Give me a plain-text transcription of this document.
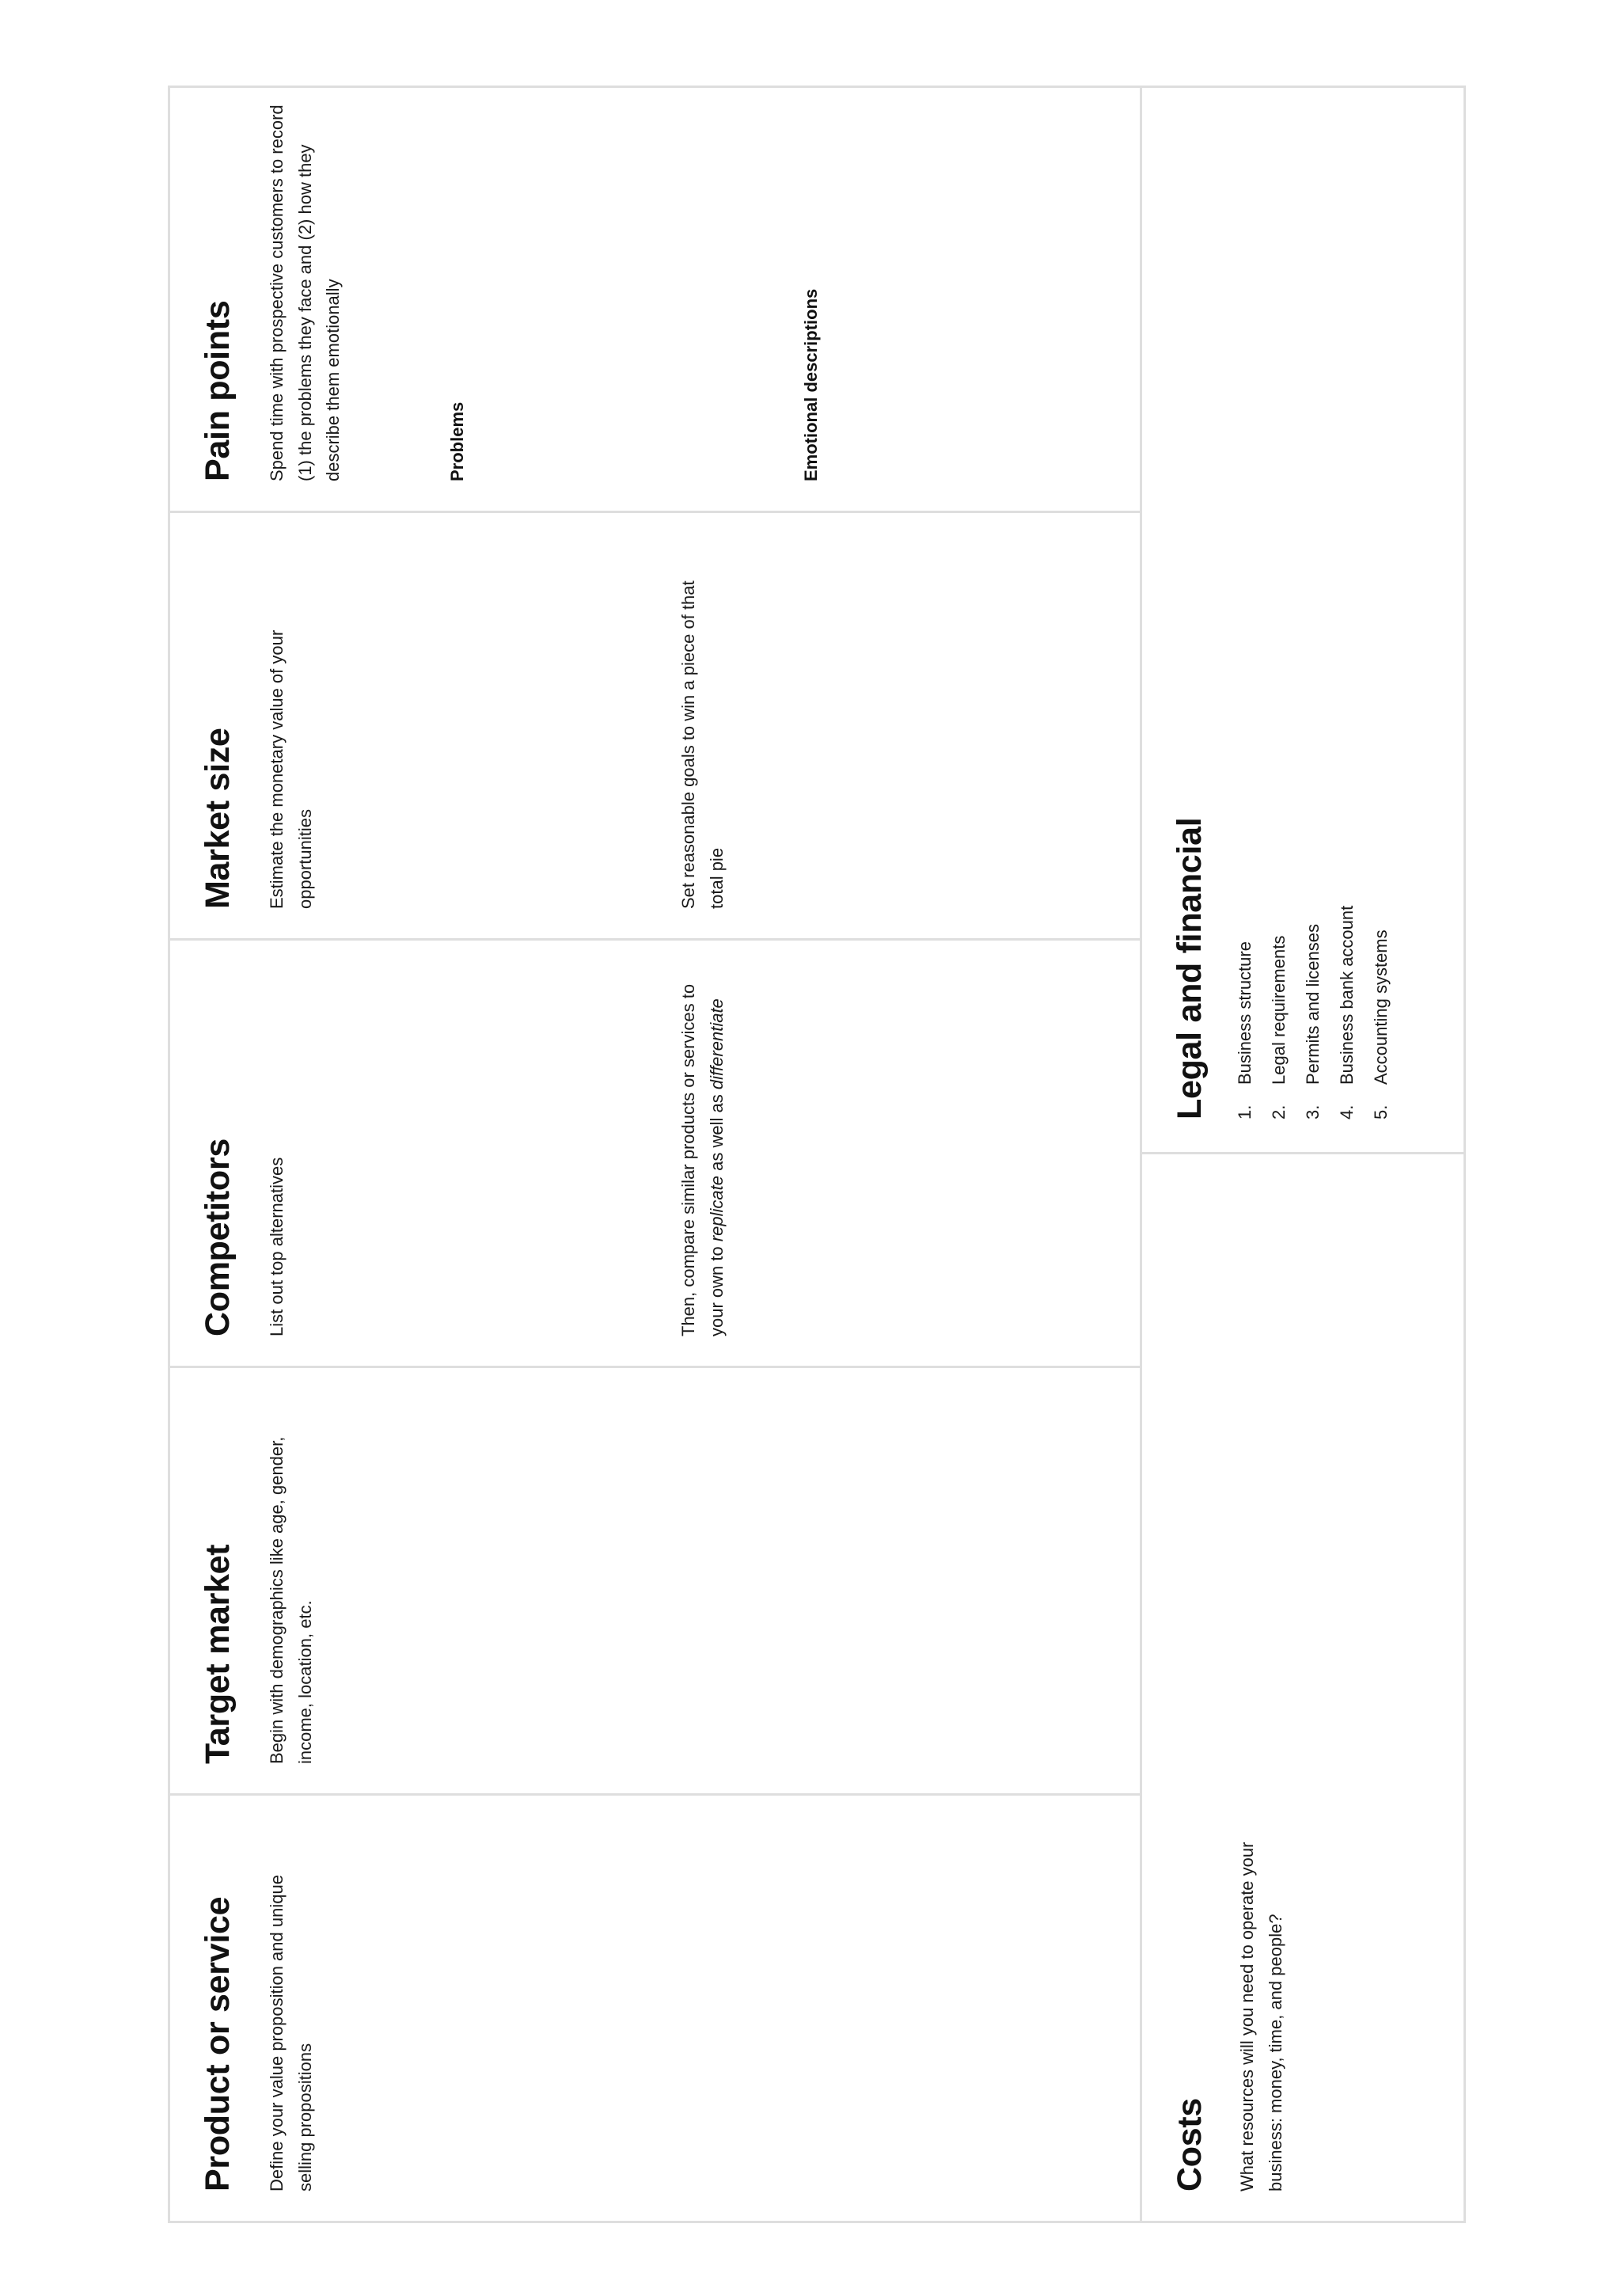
Product or service Define your value proposition and unique selling propositions

Target market Begin with demographics like age, gender, income, location, etc.

Competitors List out top alternatives	Then, compare similar products or services to your own to replicate as well as differentiate

Market size Estimate the monetary value of your opportunities	Set reasonable goals to win a piece of that total pie

Pain points Spend time with prospective customers to record (1) the problems they face and (2) how they describe them emotionally	Problems	Emotional descriptions

Costs What resources will you need to operate your business: money, time, and people?

Legal and financial	1.Business structure
2.Legal requirements
3.Permits and licenses
4.Business bank account
5.Accounting systems
